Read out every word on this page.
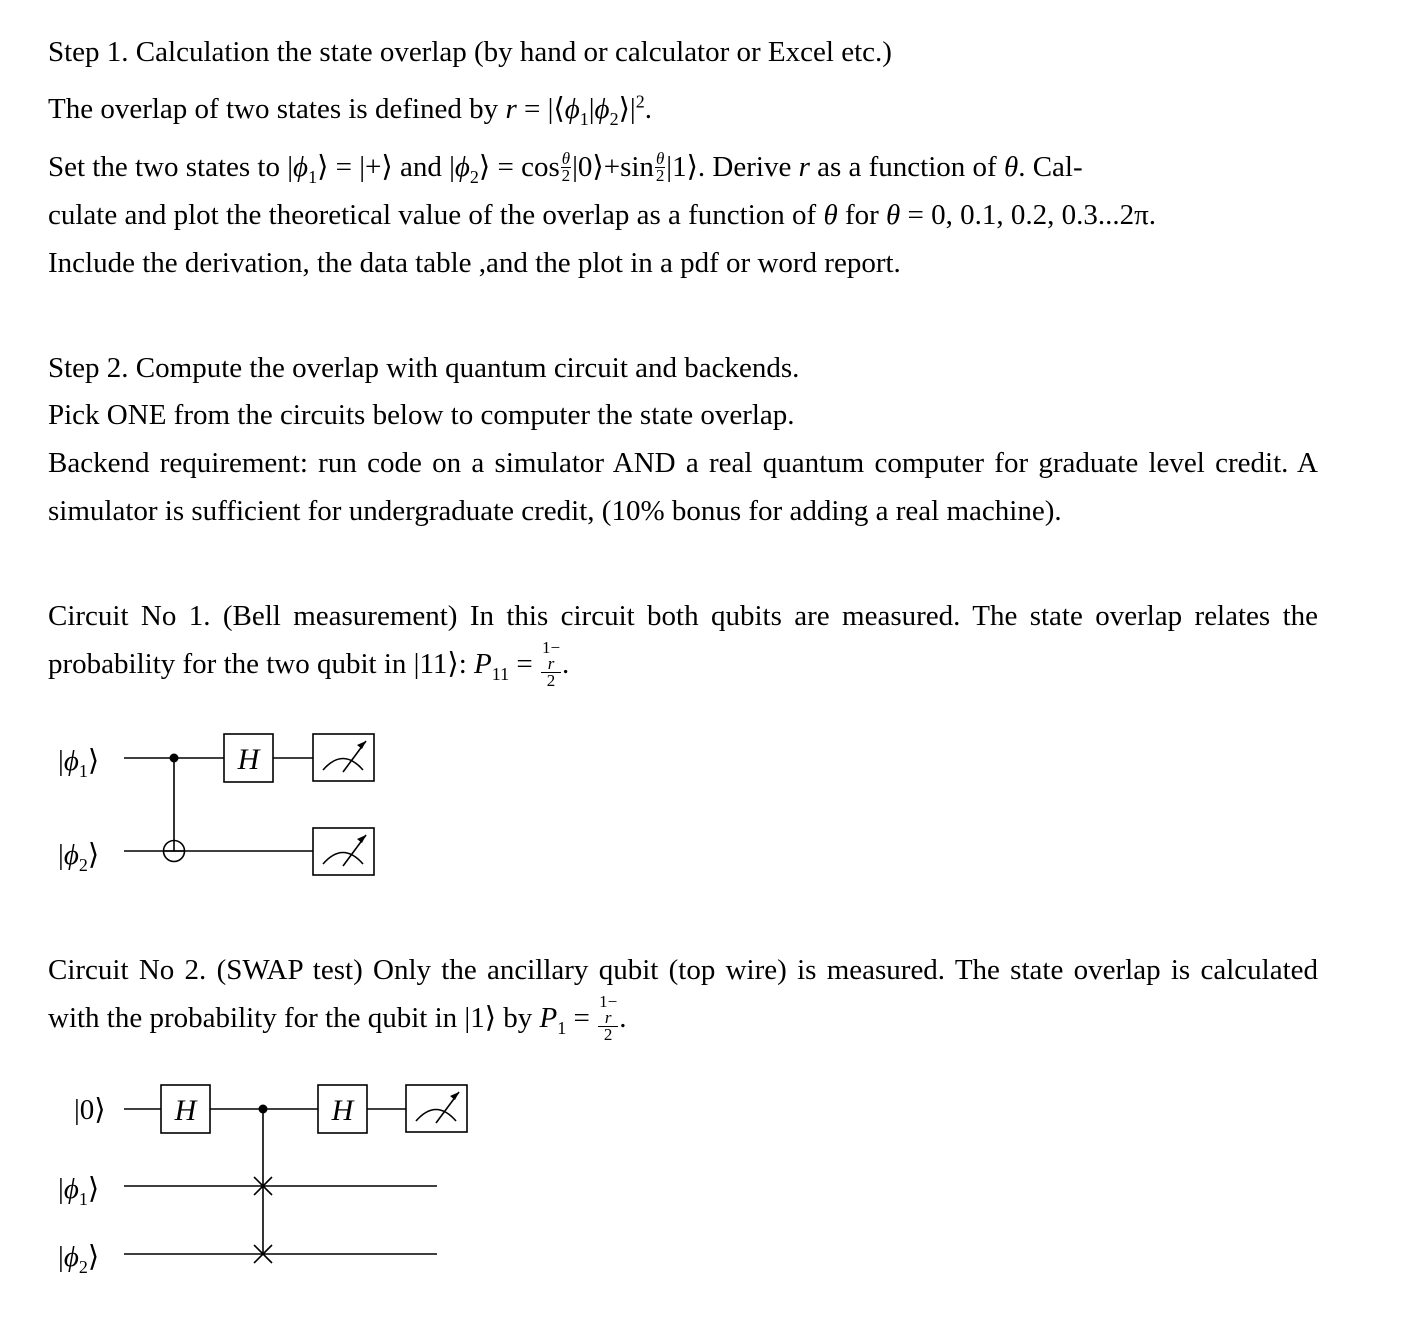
Step 1. Calculation the state overlap (by hand or calculator or Excel etc.)

The overlap of two states is defined by $r = |⟨\phi_1|\phi_2⟩|^2$.

Set the two states to $|\phi_1⟩$ = |+⟩ and $|\phi_2⟩ = \cos \frac{\theta}{2}$ |0⟩+sin $\frac{\theta}{2}$ |1⟩. Derive r as a function of θ. Cal-
culate and plot the theoretical value of the overlap as a function of θ for θ = 0, 0.1, 0.2, 0.3...2π.
Include the derivation, the data table ,and the plot in a pdf or word report.

Step 2. Compute the overlap with quantum circuit and backends.

Pick ONE from the circuits below to computer the state overlap.

Backend requirement: run code on a simulator AND a real quantum computer for graduate level credit. A simulator is sufficient for undergraduate credit, (10% bonus for adding a real machine).

Circuit No 1. (Bell measurement) In this circuit both qubits are measured. The state overlap relates the probability for the two qubit in |11⟩: $P_{11} = 1-$
r
2 .

$|\phi_1⟩$
$|\phi_2⟩$
H

Circuit No 2. (SWAP test) Only the ancillary qubit (top wire) is measured. The state overlap is calculated with the probability for the qubit in |1⟩ by $P_1 = 1-$
r
2 .

|0⟩
$|\phi_1⟩$
$|\phi_2⟩$
H	H
